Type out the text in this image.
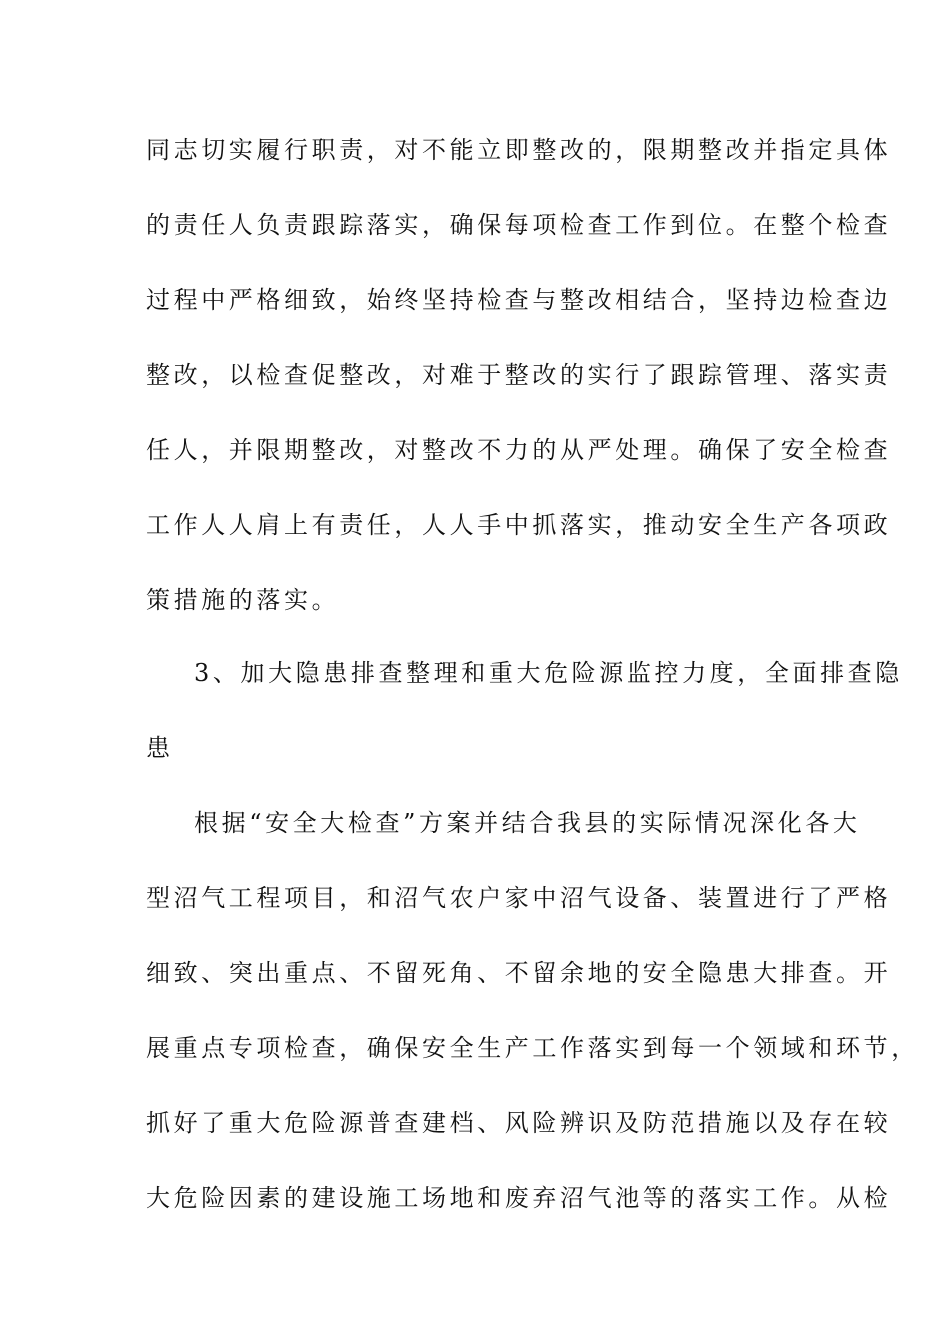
同志切实履行职责，对不能立即整改的，限期整改并指定具体
的责任人负责跟踪落实，确保每项检查工作到位。在整个检查
过程中严格细致，始终坚持检查与整改相结合，坚持边检查边
整改，以检查促整改，对难于整改的实行了跟踪管理、落实责
任人，并限期整改，对整改不力的从严处理。确保了安全检查
工作人人肩上有责任，人人手中抓落实，推动安全生产各项政
策措施的落实。
3、加大隐患排查整理和重大危险源监控力度，全面排查隐
患
根据“安全大检查”方案并结合我县的实际情况深化各大
型沼气工程项目，和沼气农户家中沼气设备、装置进行了严格
细致、突出重点、不留死角、不留余地的安全隐患大排查。开
展重点专项检查，确保安全生产工作落实到每一个领域和环节，
抓好了重大危险源普查建档、风险辨识及防范措施以及存在较
大危险因素的建设施工场地和废弃沼气池等的落实工作。从检
